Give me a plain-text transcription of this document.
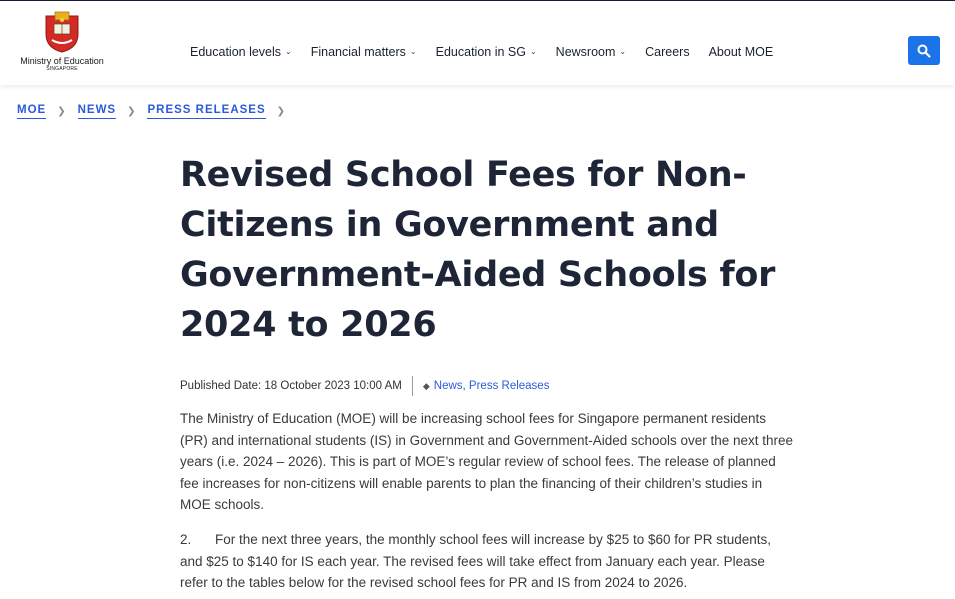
Ministry of Education
SINGAPORE
Education levels ⌄ Financial matters ⌄ Education in SG ⌄ Newsroom ⌄ Careers About MOE
MOE ❯ NEWS ❯ PRESS RELEASES ❯
Revised School Fees for Non-Citizens in Government and Government-Aided Schools for 2024 to 2026
Published Date: 18 October 2023 10:00 AM ◆ News , Press Releases

The Ministry of Education (MOE) will be increasing school fees for Singapore permanent residents (PR) and international students (IS) in Government and Government-Aided schools over the next three years (i.e. 2024 – 2026). This is part of MOE’s regular review of school fees. The release of planned fee increases for non-citizens will enable parents to plan the financing of their children’s studies in MOE schools.

2. For the next three years, the monthly school fees will increase by $25 to $60 for PR students, and $25 to $140 for IS each year. The revised fees will take effect from January each year. Please refer to the tables below for the revised school fees for PR and IS from 2024 to 2026.
